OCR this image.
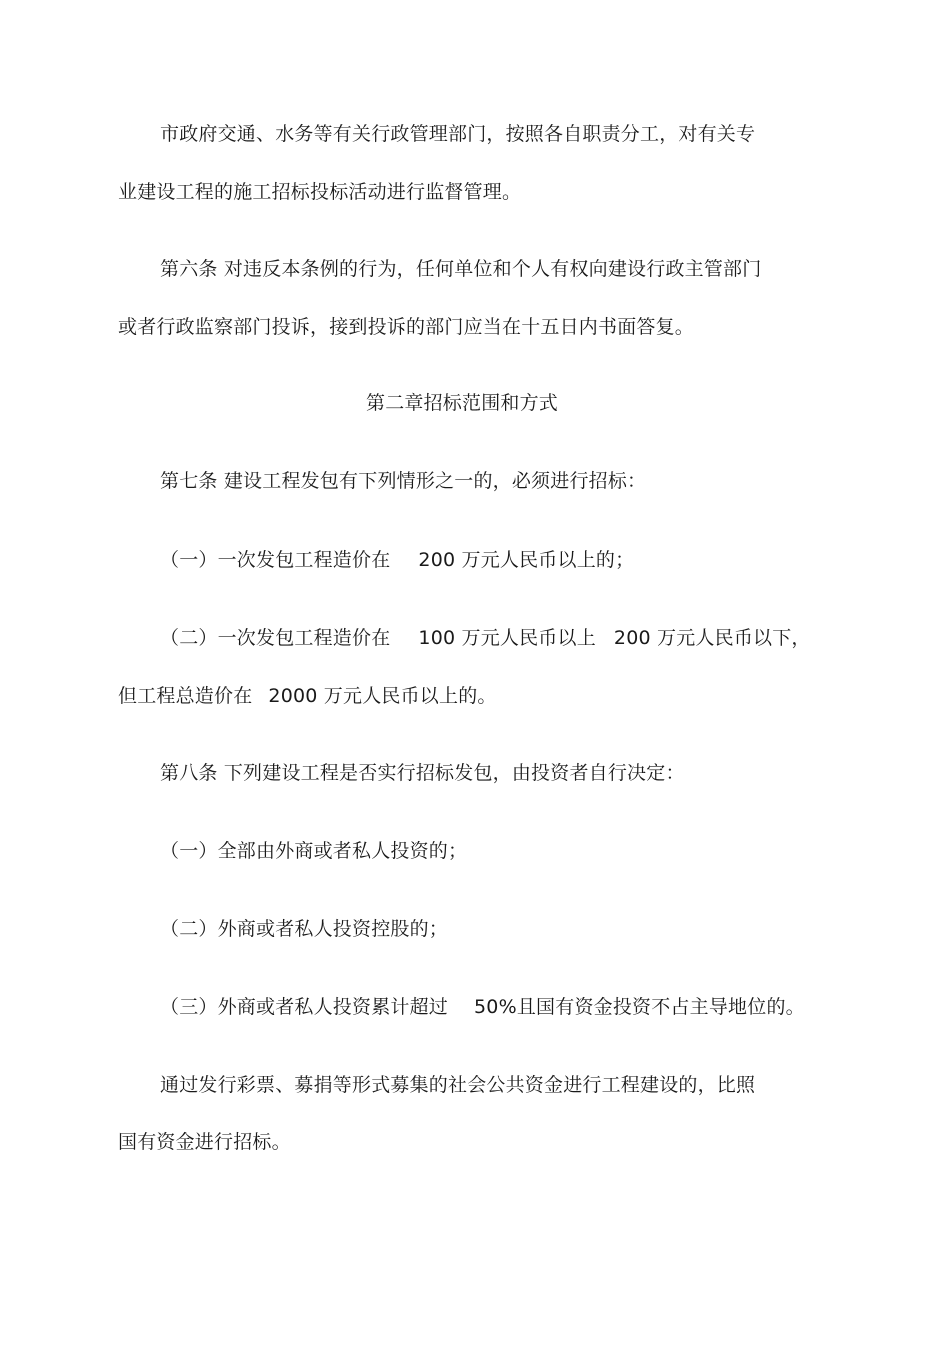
市政府交通、水务等有关行政管理部门，按照各自职责分工，对有关专
业建设工程的施工招标投标活动进行监督管理。
第六条 对违反本条例的行为，任何单位和个人有权向建设行政主管部门
或者行政监察部门投诉，接到投诉的部门应当在十五日内书面答复。
第二章招标范围和方式
第七条 建设工程发包有下列情形之一的，必须进行招标：
（一）一次发包工程造价在 200 万元人民币以上的；
（二）一次发包工程造价在 100 万元人民币以上 200 万元人民币以下，
但工程总造价在 2000 万元人民币以上的。
第八条 下列建设工程是否实行招标发包，由投资者自行决定：
（一）全部由外商或者私人投资的；
（二）外商或者私人投资控股的；
（三）外商或者私人投资累计超过 50%且国有资金投资不占主导地位的。
通过发行彩票、募捐等形式募集的社会公共资金进行工程建设的，比照
国有资金进行招标。
